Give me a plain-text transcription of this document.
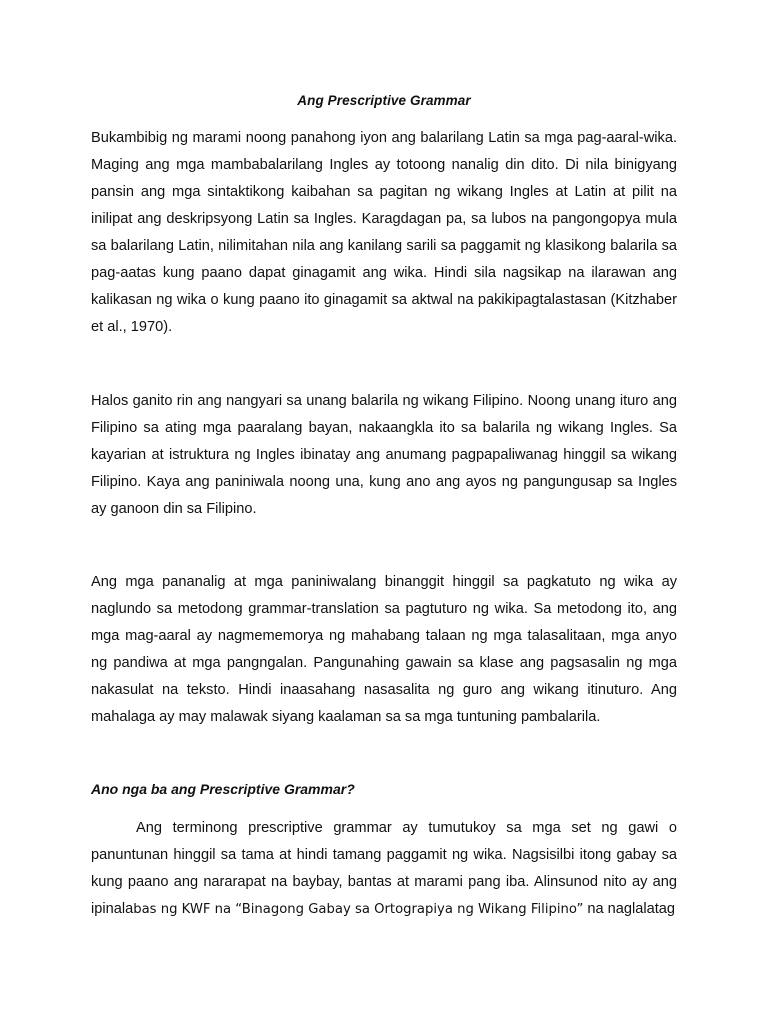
Ang Prescriptive Grammar

Bukambibig ng marami noong panahong iyon ang balarilang Latin sa mga pag-aaral-wika. Maging ang mga mambabalarilang Ingles ay totoong nanalig din dito. Di nila binigyang pansin ang mga sintaktikong kaibahan sa pagitan ng wikang Ingles at Latin at pilit na inilipat ang deskripsyong Latin sa Ingles. Karagdagan pa, sa lubos na pangongopya mula sa balarilang Latin, nilimitahan nila ang kanilang sarili sa paggamit ng klasikong balarila sa pag-aatas kung paano dapat ginagamit ang wika. Hindi sila nagsikap na ilarawan ang kalikasan ng wika o kung paano ito ginagamit sa aktwal na pakikipagtalastasan (Kitzhaber et al., 1970).

Halos ganito rin ang nangyari sa unang balarila ng wikang Filipino. Noong unang ituro ang Filipino sa ating mga paaralang bayan, nakaangkla ito sa balarila ng wikang Ingles. Sa kayarian at istruktura ng Ingles ibinatay ang anumang pagpapaliwanag hinggil sa wikang Filipino. Kaya ang paniniwala noong una, kung ano ang ayos ng pangungusap sa Ingles ay ganoon din sa Filipino.

Ang mga pananalig at mga paniniwalang binanggit hinggil sa pagkatuto ng wika ay naglundo sa metodong grammar-translation sa pagtuturo ng wika. Sa metodong ito, ang mga mag-aaral ay nagmememorya ng mahabang talaan ng mga talasalitaan, mga anyo ng pandiwa at mga pangngalan. Pangunahing gawain sa klase ang pagsasalin ng mga nakasulat na teksto. Hindi inaasahang nasasalita ng guro ang wikang itinuturo. Ang mahalaga ay may malawak siyang kaalaman sa sa mga tuntuning pambalarila.

Ano nga ba ang Prescriptive Grammar?

Ang terminong prescriptive grammar ay tumutukoy sa mga set ng gawi o panuntunan hinggil sa tama at hindi tamang paggamit ng wika. Nagsisilbi itong gabay sa kung paano ang nararapat na baybay, bantas at marami pang iba. Alinsunod nito ay ang ipinalabas ng KWF na “Binagong Gabay sa Ortograpiya ng Wikang Filipino” na naglalatag
